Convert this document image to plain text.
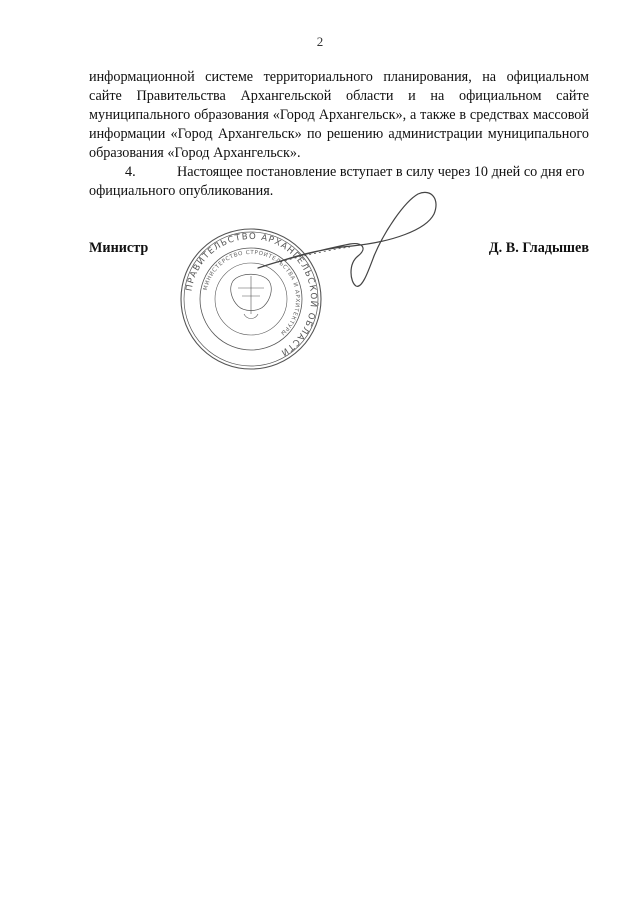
2

информационной системе территориального планирования, на официальном сайте Правительства Архангельской области и на официальном сайте муниципального образования «Город Архангельск», а также в средствах массовой информации «Город Архангельск» по решению администрации муниципального образования «Город Архангельск».

4.	Настоящее постановление вступает в силу через 10 дней со дня его официального опубликования.

Министр	Д. В. Гладышев
ПРАВИТЕЛЬСТВО АРХАНГЕЛЬСКОЙ ОБЛАСТИ
МИНИСТЕРСТВО СТРОИТЕЛЬСТВА И АРХИТЕКТУРЫ
